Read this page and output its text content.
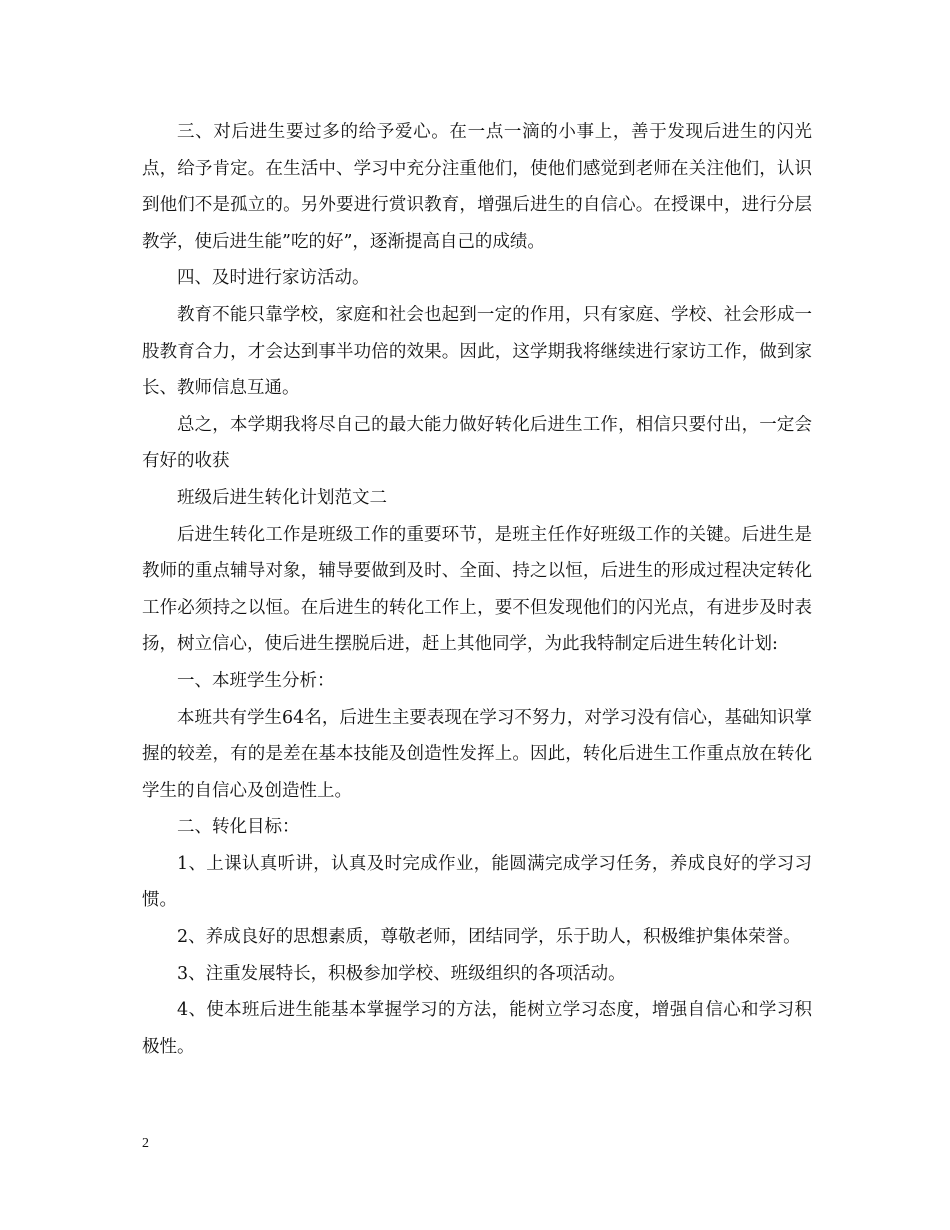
三、对后进生要过多的给予爱心。在一点一滴的小事上，善于发现后进生的闪光点，给予肯定。在生活中、学习中充分注重他们，使他们感觉到老师在关注他们，认识到他们不是孤立的。另外要进行赏识教育，增强后进生的自信心。在授课中，进行分层教学，使后进生能”吃的好”，逐渐提高自己的成绩。

四、及时进行家访活动。

教育不能只靠学校，家庭和社会也起到一定的作用，只有家庭、学校、社会形成一股教育合力，才会达到事半功倍的效果。因此，这学期我将继续进行家访工作，做到家长、教师信息互通。

总之，本学期我将尽自己的最大能力做好转化后进生工作，相信只要付出，一定会有好的收获

班级后进生转化计划范文二

后进生转化工作是班级工作的重要环节，是班主任作好班级工作的关键。后进生是教师的重点辅导对象，辅导要做到及时、全面、持之以恒，后进生的形成过程决定转化工作必须持之以恒。在后进生的转化工作上，要不但发现他们的闪光点，有进步及时表扬，树立信心，使后进生摆脱后进，赶上其他同学，为此我特制定后进生转化计划:

一、本班学生分析：

本班共有学生64名，后进生主要表现在学习不努力，对学习没有信心，基础知识掌握的较差，有的是差在基本技能及创造性发挥上。因此，转化后进生工作重点放在转化学生的自信心及创造性上。

二、转化目标：

1、上课认真听讲，认真及时完成作业，能圆满完成学习任务，养成良好的学习习惯。

2、养成良好的思想素质，尊敬老师，团结同学，乐于助人，积极维护集体荣誉。

3、注重发展特长，积极参加学校、班级组织的各项活动。

4、使本班后进生能基本掌握学习的方法，能树立学习态度，增强自信心和学习积极性。

2
